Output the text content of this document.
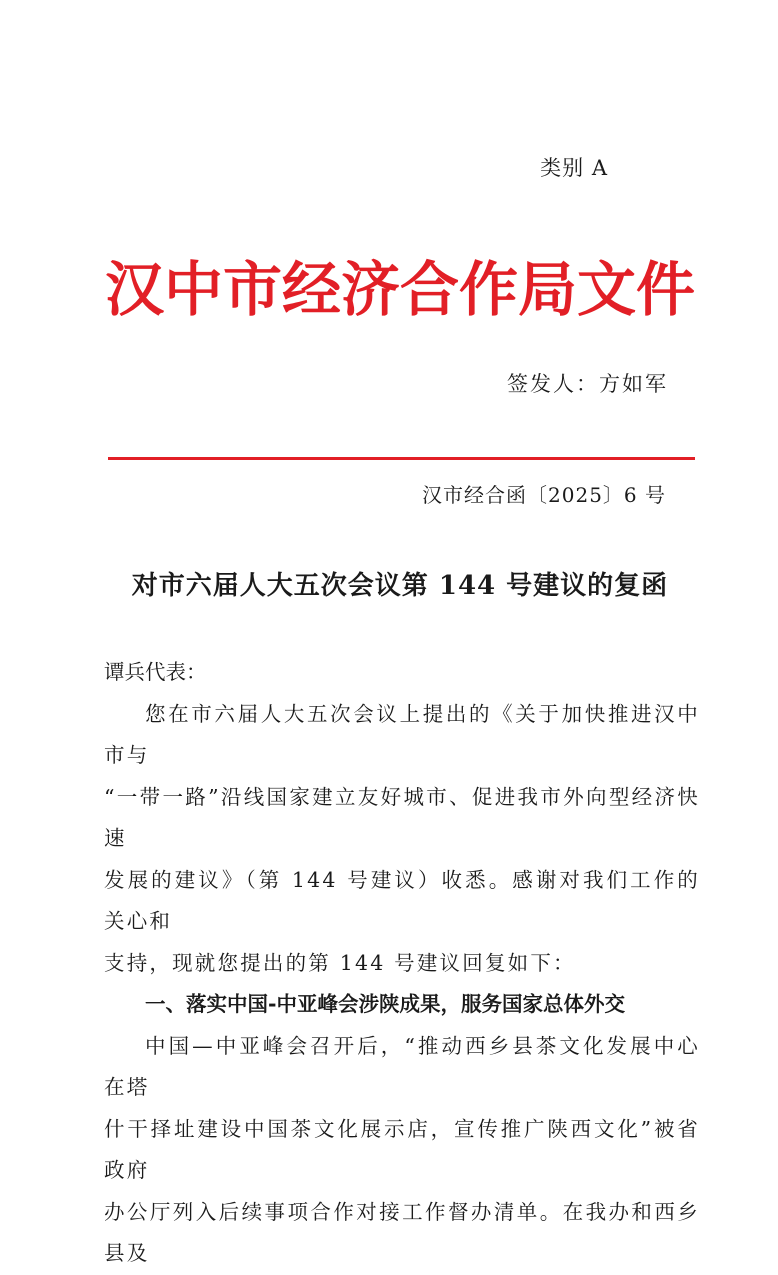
类别 A
汉中市经济合作局文件
签发人：方如军
汉市经合函〔2025〕6 号
对市六届人大五次会议第 144 号建议的复函

谭兵代表：

您在市六届人大五次会议上提出的《关于加快推进汉中市与

“一带一路”沿线国家建立友好城市、促进我市外向型经济快速

发展的建议》（第 144 号建议）收悉。感谢对我们工作的关心和

支持，现就您提出的第 144 号建议回复如下：

一、落实中国-中亚峰会涉陕成果，服务国家总体外交

中国—中亚峰会召开后，“推动西乡县茶文化发展中心在塔

什干择址建设中国茶文化展示店，宣传推广陕西文化”被省政府

办公厅列入后续事项合作对接工作督办清单。在我办和西乡县及
